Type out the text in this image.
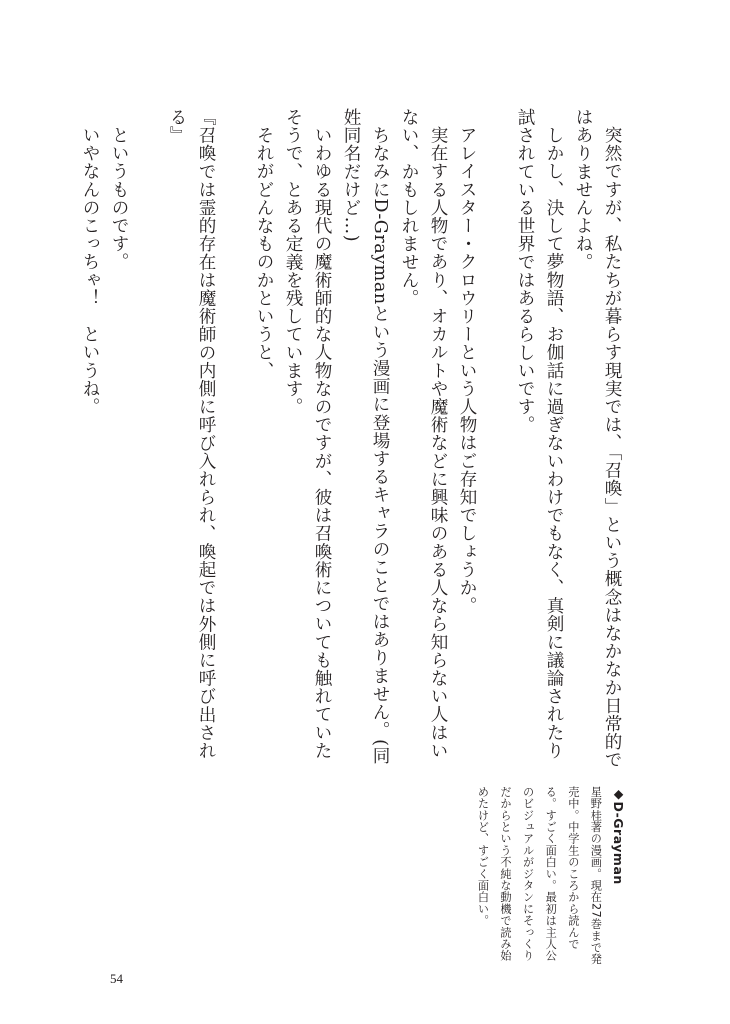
突然ですが、私たちが暮らす現実では、「召喚」という概念はなかなか日常的ではありませんよね。

しかし、決して夢物語、お伽話に過ぎないわけでもなく、真剣に議論されたり試されている世界ではあるらしいです。

アレイスター・クロウリーという人物はご存知でしょうか。

実在する人物であり、オカルトや魔術などに興味のある人なら知らない人はいない、かもしれません。

ちなみにD-Graymanという漫画に登場するキャラのことではありません。(同姓同名だけど…)

いわゆる現代の魔術師的な人物なのですが、彼は召喚術についても触れていたそうで、とある定義を残しています。

それがどんなものかというと、

『召喚では霊的存在は魔術師の内側に呼び入れられ、喚起では外側に呼び出される』

というものです。

いやなんのこっちゃ！　というね。

◆D-Grayman

星野桂著の漫画。現在27巻まで発売中。中学生のころから読んでる。すごく面白い。最初は主人公のビジュアルがジタンにそっくりだからという不純な動機で読み始めたけど、すごく面白い。

54
